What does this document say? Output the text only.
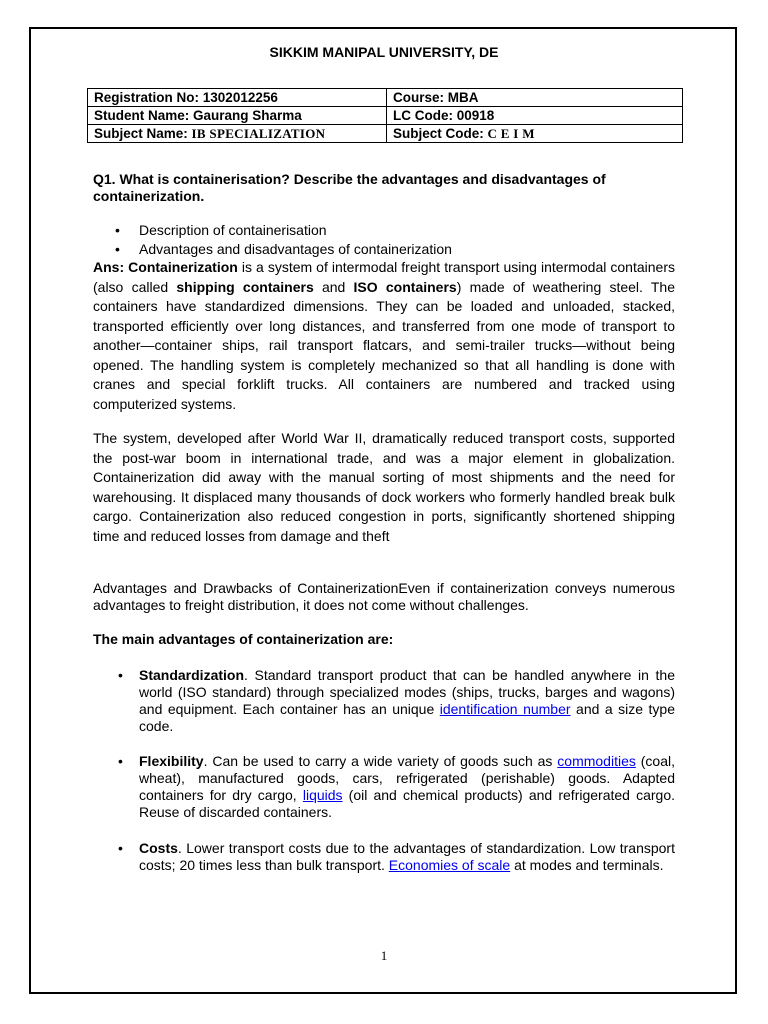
SIKKIM MANIPAL UNIVERSITY, DE
Registration No: 1302012256	Course: MBA
Student Name: Gaurang Sharma	LC Code: 00918
Subject Name: IB SPECIALIZATION	Subject Code: C E I M
Q1. What is containerisation? Describe the advantages and disadvantages of containerization.
• Description of containerisation
• Advantages and disadvantages of containerization
Ans: Containerization is a system of intermodal freight transport using intermodal containers (also called shipping containers and ISO containers) made of weathering steel. The containers have standardized dimensions. They can be loaded and unloaded, stacked, transported efficiently over long distances, and transferred from one mode of transport to another—container ships, rail transport flatcars, and semi-trailer trucks—without being opened. The handling system is completely mechanized so that all handling is done with cranes and special forklift trucks. All containers are numbered and tracked using computerized systems.
The system, developed after World War II, dramatically reduced transport costs, supported the post-war boom in international trade, and was a major element in globalization. Containerization did away with the manual sorting of most shipments and the need for warehousing. It displaced many thousands of dock workers who formerly handled break bulk cargo. Containerization also reduced congestion in ports, significantly shortened shipping time and reduced losses from damage and theft
Advantages and Drawbacks of ContainerizationEven if containerization conveys numerous advantages to freight distribution, it does not come without challenges.
The main advantages of containerization are:
• Standardization. Standard transport product that can be handled anywhere in the world (ISO standard) through specialized modes (ships, trucks, barges and wagons) and equipment. Each container has an unique identification number and a size type code.
• Flexibility. Can be used to carry a wide variety of goods such as commodities (coal, wheat), manufactured goods, cars, refrigerated (perishable) goods. Adapted containers for dry cargo, liquids (oil and chemical products) and refrigerated cargo. Reuse of discarded containers.
• Costs. Lower transport costs due to the advantages of standardization. Low transport costs; 20 times less than bulk transport. Economies of scale at modes and terminals.
1
